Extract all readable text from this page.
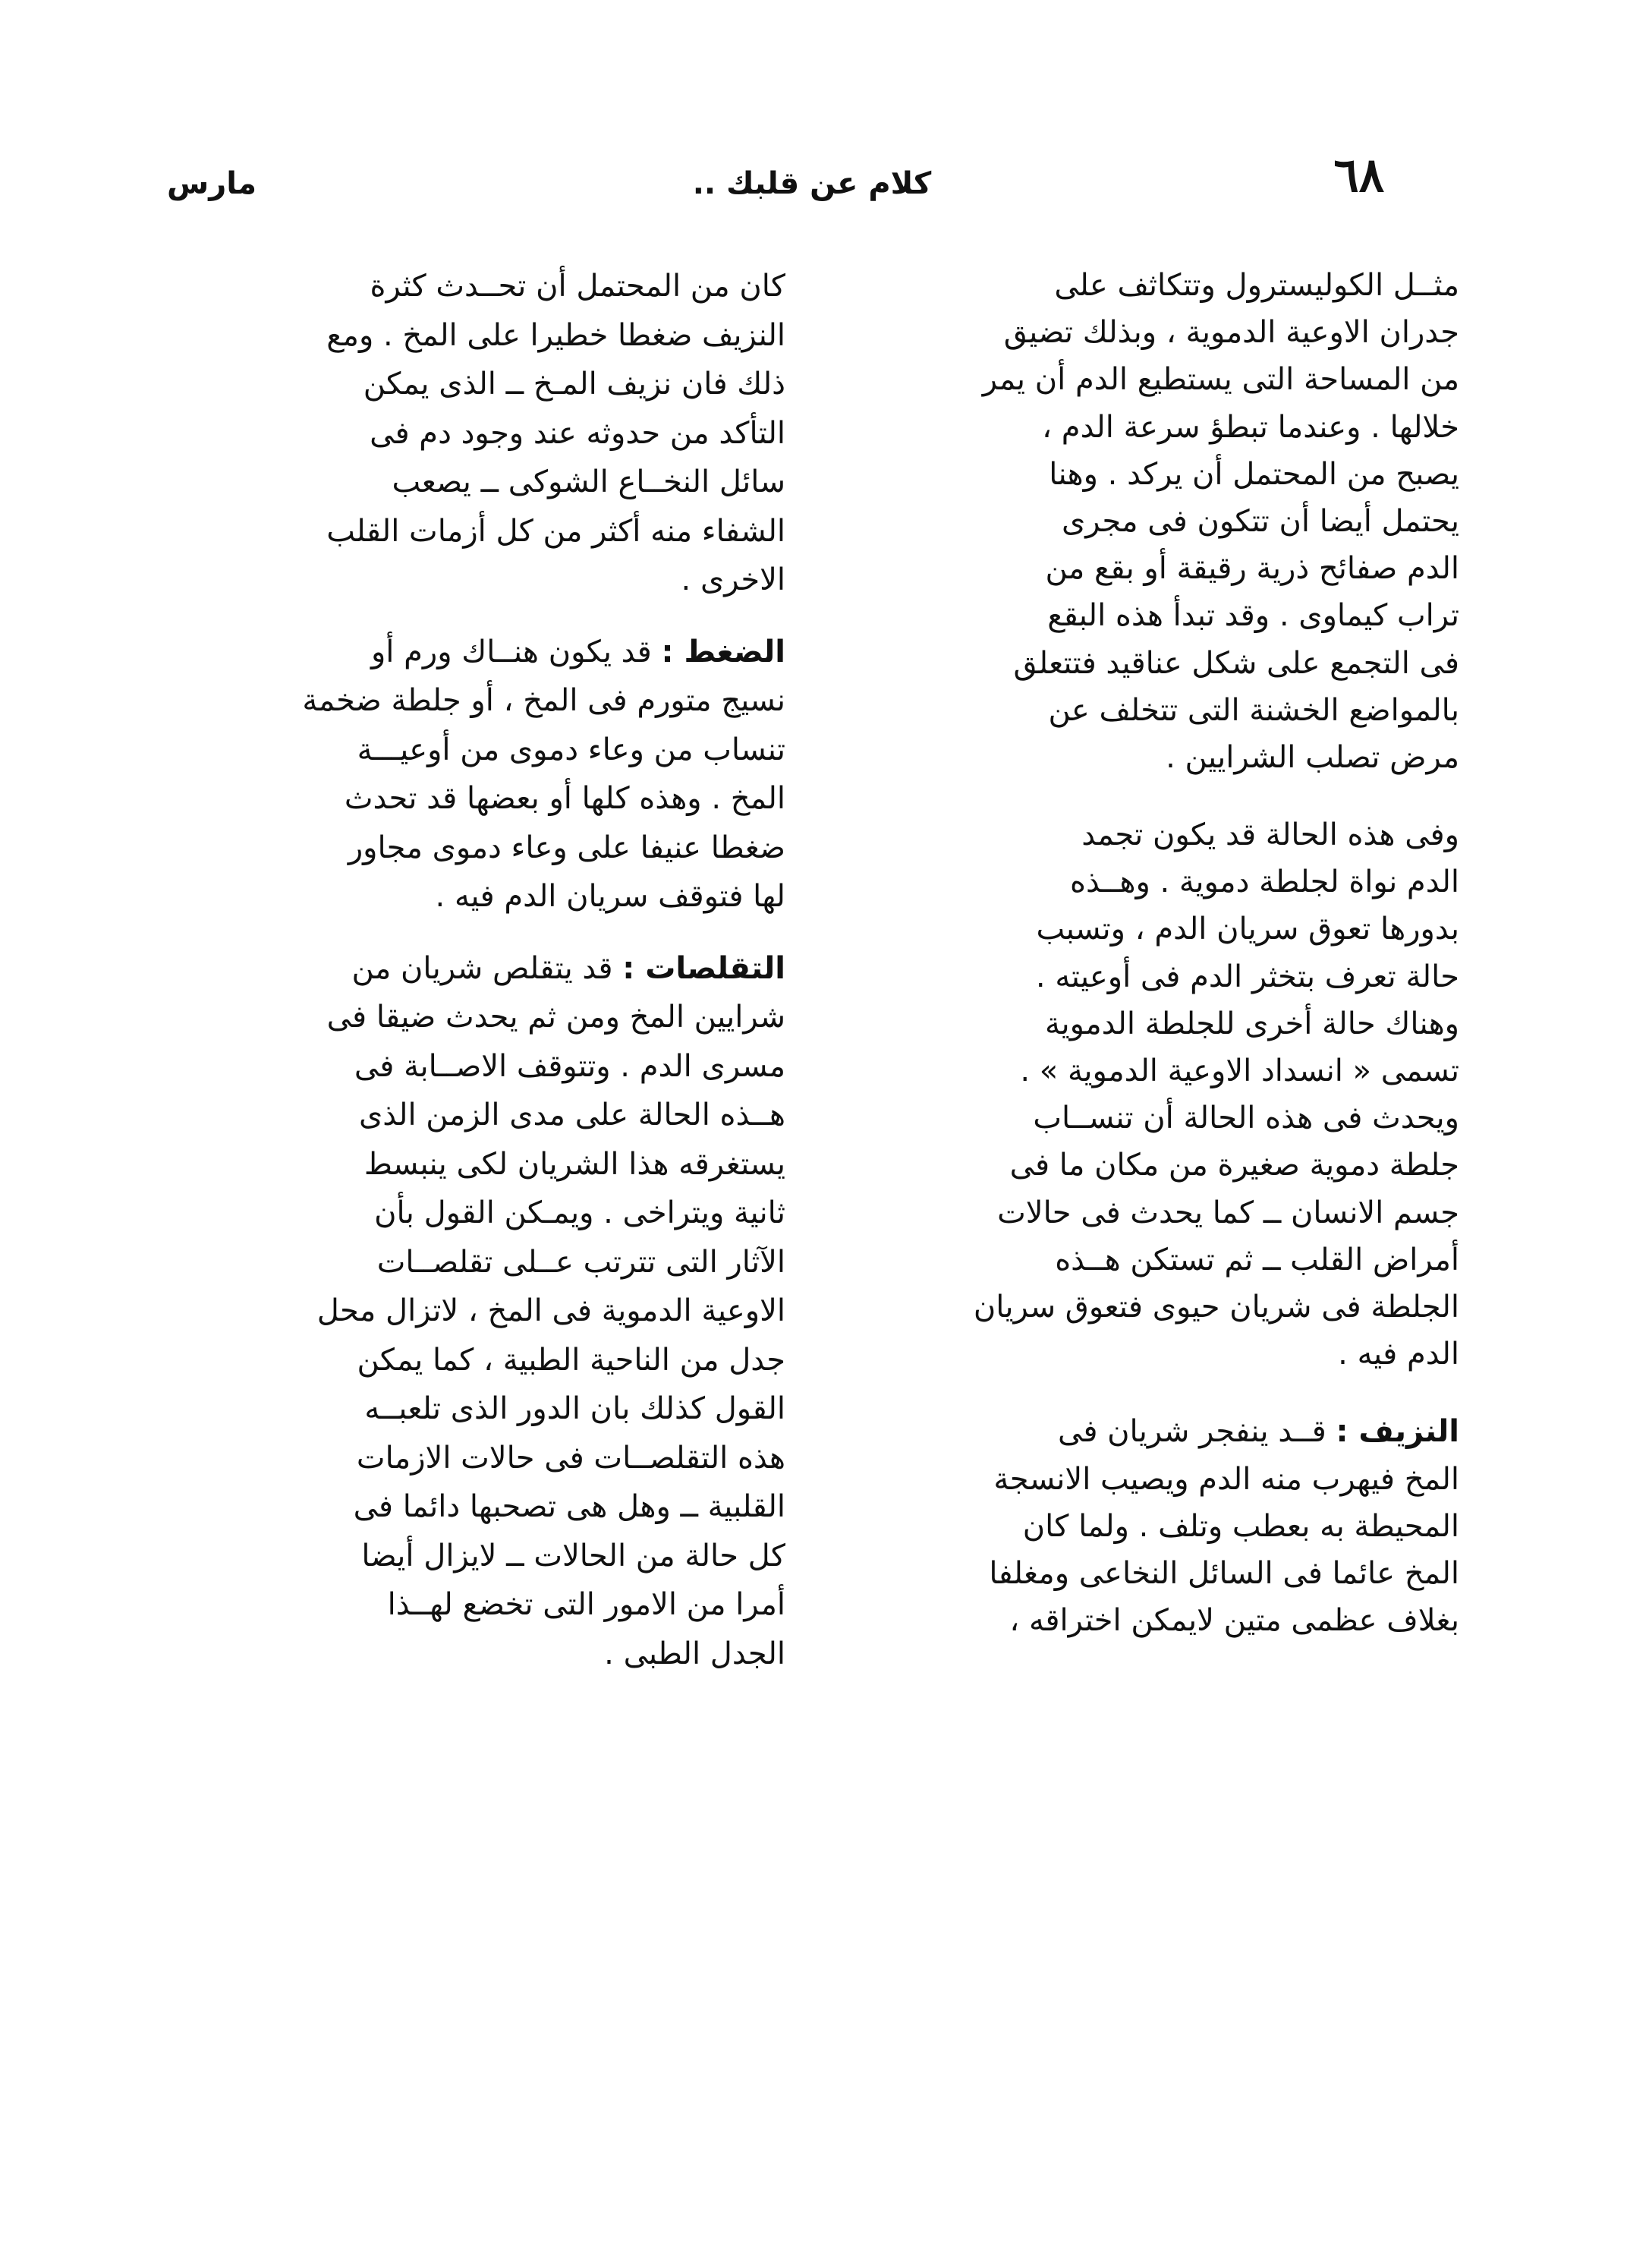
٦٨
كلام عن قلبك ..
مارس
مثــل الكوليسترول وتتكاثف على
جدران الاوعية الدموية ، وبذلك تضيق
من المساحة التى يستطيع الدم أن يمر
خلالها . وعندما تبطؤ سرعة الدم ،
يصبح من المحتمل أن يركد . وهنا
يحتمل أيضا أن تتكون فى مجرى
الدم صفائح ذرية رقيقة أو بقع من
تراب كيماوى . وقد تبدأ هذه البقع
فى التجمع على شكل عناقيد فتتعلق
بالمواضع الخشنة التى تتخلف عن
مرض تصلب الشرايين .
وفى هذه الحالة قد يكون تجمد
الدم نواة لجلطة دموية . وهــذه
بدورها تعوق سريان الدم ، وتسبب
حالة تعرف بتخثر الدم فى أوعيته .
وهناك حالة أخرى للجلطة الدموية
تسمى « انسداد الاوعية الدموية » .
ويحدث فى هذه الحالة أن تنســاب
جلطة دموية صغيرة من مكان ما فى
جسم الانسان ــ كما يحدث فى حالات
أمراض القلب ــ ثم تستكن هــذه
الجلطة فى شريان حيوى فتعوق سريان
الدم فيه .
النزيف : قــد ينفجر شريان فى
المخ فيهرب منه الدم ويصيب الانسجة
المحيطة به بعطب وتلف . ولما كان
المخ عائما فى السائل النخاعى ومغلفا
بغلاف عظمى متين لايمكن اختراقه ،
كان من المحتمل أن تحــدث كثرة
النزيف ضغطا خطيرا على المخ . ومع
ذلك فان نزيف المـخ ــ الذى يمكن
التأكد من حدوثه عند وجود دم فى
سائل النخــاع الشوكى ــ يصعب
الشفاء منه أكثر من كل أزمات القلب
الاخرى .
الضغط : قد يكون هنــاك ورم أو
نسيج متورم فى المخ ، أو جلطة ضخمة
تنساب من وعاء دموى من أوعيـــة
المخ . وهذه كلها أو بعضها قد تحدث
ضغطا عنيفا على وعاء دموى مجاور
لها فتوقف سريان الدم فيه .
التقلصات : قد يتقلص شريان من
شرايين المخ ومن ثم يحدث ضيقا فى
مسرى الدم . وتتوقف الاصــابة فى
هــذه الحالة على مدى الزمن الذى
يستغرقه هذا الشريان لكى ينبسط
ثانية ويتراخى . ويمـكن القول بأن
الآثار التى تترتب عــلى تقلصــات
الاوعية الدموية فى المخ ، لاتزال محل
جدل من الناحية الطبية ، كما يمكن
القول كذلك بان الدور الذى تلعبــه
هذه التقلصــات فى حالات الازمات
القلبية ــ وهل هى تصحبها دائما فى
كل حالة من الحالات ــ لايزال أيضا
أمرا من الامور التى تخضع لهــذا
الجدل الطبى .
